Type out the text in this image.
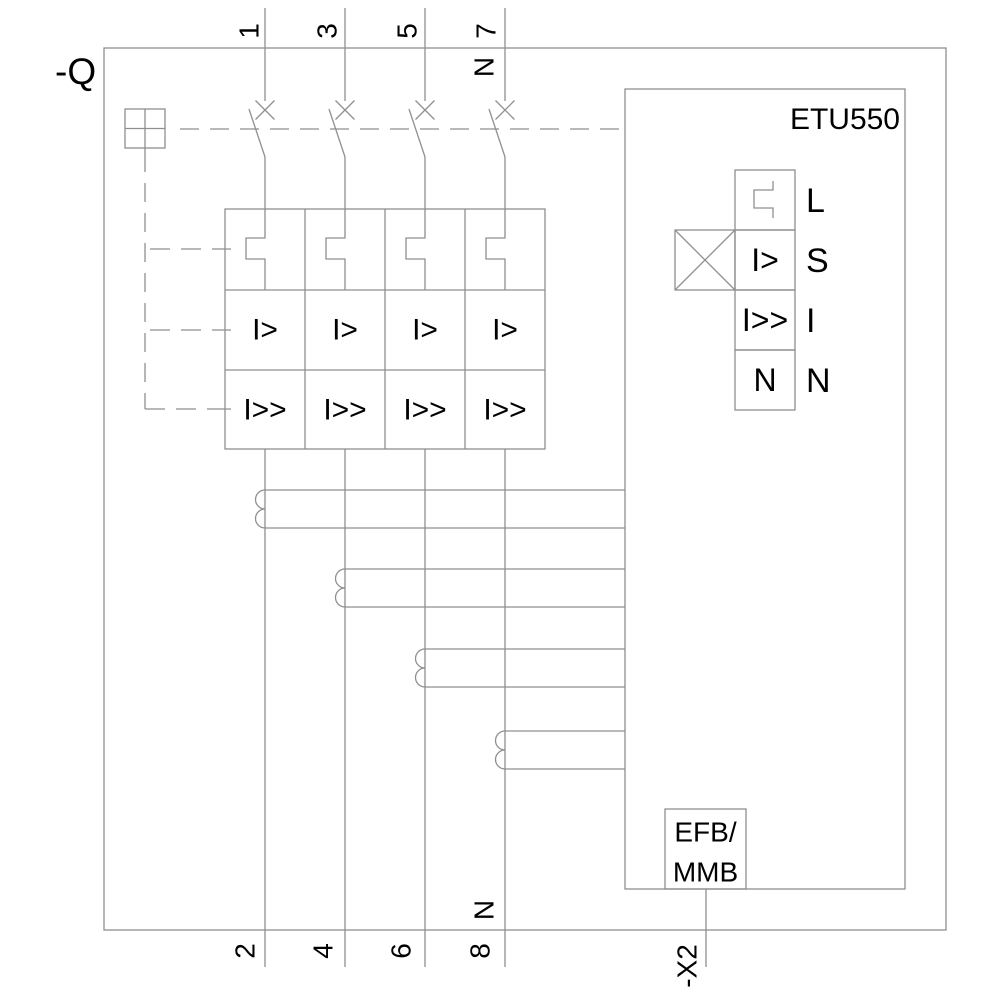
-Q
I> I> I> I>
I>> I>> I>> I>>
ETU550
I>
I>>
N
L
S
I
N
EFB/
MMB
1 3 5 7
N
2 4 6 8
N
-X2
